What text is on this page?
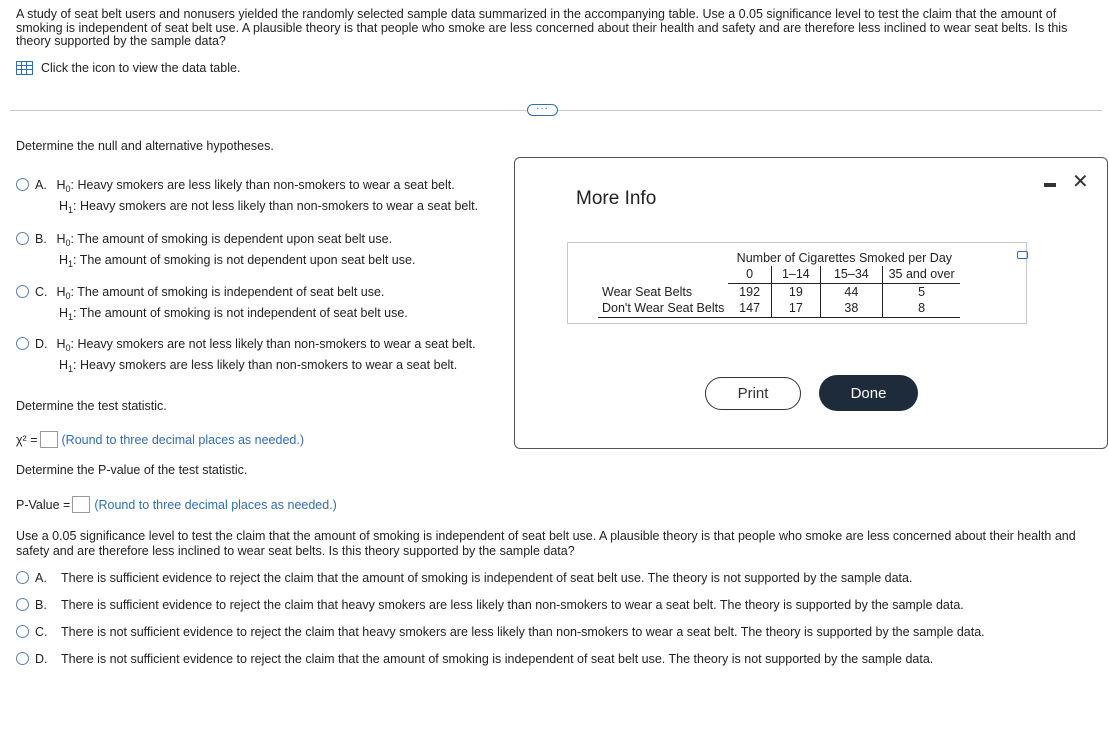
A study of seat belt users and nonusers yielded the randomly selected sample data summarized in the accompanying table. Use a 0.05 significance level to test the claim that the amount of smoking is independent of seat belt use. A plausible theory is that people who smoke are less concerned about their health and safety and are therefore less inclined to wear seat belts. Is this theory supported by the sample data?

Click the icon to view the data table.
···
Determine the null and alternative hypotheses.
A. $H_0$: Heavy smokers are less likely than non-smokers to wear a seat belt.
$H_1$: Heavy smokers are not less likely than non-smokers to wear a seat belt.
B. $H_0$: The amount of smoking is dependent upon seat belt use.
$H_1$: The amount of smoking is not dependent upon seat belt use.
C. $H_0$: The amount of smoking is independent of seat belt use.
$H_1$: The amount of smoking is not independent of seat belt use.
D. $H_0$: Heavy smokers are not less likely than non-smokers to wear a seat belt.
$H_1$: Heavy smokers are less likely than non-smokers to wear a seat belt.
Determine the test statistic.
χ² = (Round to three decimal places as needed.)
Determine the P-value of the test statistic.
P-Value = (Round to three decimal places as needed.)
Use a 0.05 significance level to test the claim that the amount of smoking is independent of seat belt use. A plausible theory is that people who smoke are less concerned about their health and safety and are therefore less inclined to wear seat belts. Is this theory supported by the sample data?
A. There is sufficient evidence to reject the claim that the amount of smoking is independent of seat belt use. The theory is not supported by the sample data.
B. There is sufficient evidence to reject the claim that heavy smokers are less likely than non-smokers to wear a seat belt. The theory is supported by the sample data.
C. There is not sufficient evidence to reject the claim that heavy smokers are less likely than non-smokers to wear a seat belt. The theory is supported by the sample data.
D. There is not sufficient evidence to reject the claim that the amount of smoking is independent of seat belt use. The theory is not supported by the sample data.
More Info
✕
	Number of Cigarettes Smoked per Day			
	0	1–14	15–34	35 and over
Wear Seat Belts	192	19	44	5
Don't Wear Seat Belts	147	17	38	8
Print	Done
